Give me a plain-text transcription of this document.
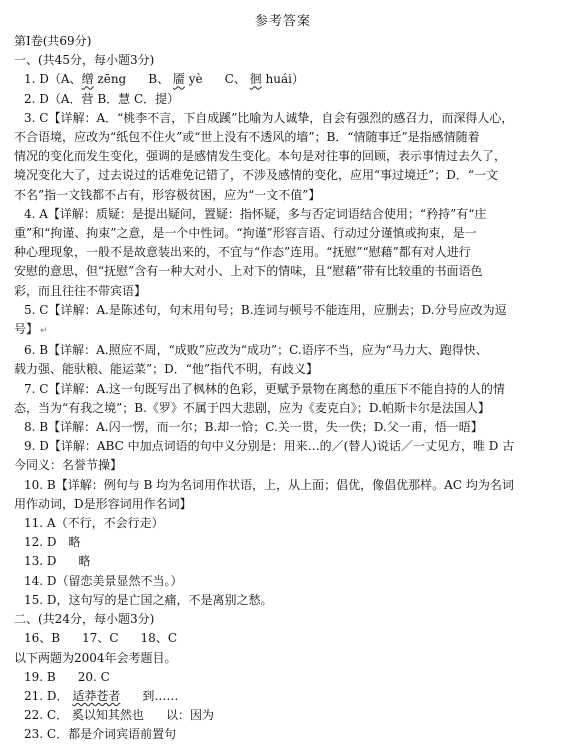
参考答案
第Ⅰ卷(共69分)
一、(共45分，每小题3分)
1. D（A、缯 zēng B、 靥 yè C、 徊 huái）
2. D（A．营 B．慧 C．提）
3. C【详解：A．“桃李不言，下自成蹊”比喻为人诚挚，自会有强烈的感召力，而深得人心，
不合语境，应改为“纸包不住火”或“世上没有不透风的墙”；B．“情随事迁”是指感情随着
情况的变化而发生变化，强调的是感情发生变化。本句是对往事的回顾，表示事情过去久了，
境况变化大了，过去说过的话难免记错了，不涉及感情的变化，应用“事过境迁”；D．“一文
不名”指一文钱都不占有，形容极贫困，应为“一文不值”】
4. A【详解：质疑：是提出疑问，置疑：指怀疑，多与否定词语结合使用；“矜持”有“庄
重”和“拘谨、拘束”之意，是一个中性词。“拘谨”形容言语、行动过分谨慎或拘束，是一
种心理现象，一般不是故意装出来的，不宜与“作态”连用。“抚慰”“慰藉”都有对人进行
安慰的意思，但“抚慰”含有一种大对小、上对下的情味，且“慰藉”带有比较重的书面语色
彩，而且往往不带宾语】
5. C【详解：A.是陈述句，句末用句号；B.连词与顿号不能连用，应删去；D.分号应改为逗
号】 ↵
6. B【详解：A.照应不周，“成败”应改为“成功”；C.语序不当，应为“马力大、跑得快、
载力强、能驮粮、能运菜”；D．“他”指代不明，有歧义】
7. C【详解：A.这一句既写出了枫林的色彩，更赋予景物在离愁的重压下不能自持的人的情
态，当为“有我之境”；B.《罗》不属于四大悲剧，应为《麦克白》；D.帕斯卡尔是法国人】
8. B【详解：A.闪一愣，而一尔；B.却一恰；C.关一贯，失一佚；D.父一甫，悟一晤】
9. D【详解：ABC 中加点词语的句中义分别是：用来…的／(替人)说话／一丈见方，唯 D 古
今同义：名誉节操】
10. B【详解：例句与 B 均为名词用作状语，上，从上面；倡优，像倡优那样。AC 均为名词
用作动词，D是形容词用作名词】
11. A（不行，不会行走）
12. D 略
13. D 略
14. D（留恋美景显然不当。）
15. D，这句写的是亡国之痛，不是离别之愁。
二、(共24分，每小题3分)
16、B 17、C 18、C
以下两题为2004年会考题目。
19. B 20. C
21. D． 适莽苍者 到……
22. C． 奚以知其然也 以：因为
23. C．都是介词宾语前置句
